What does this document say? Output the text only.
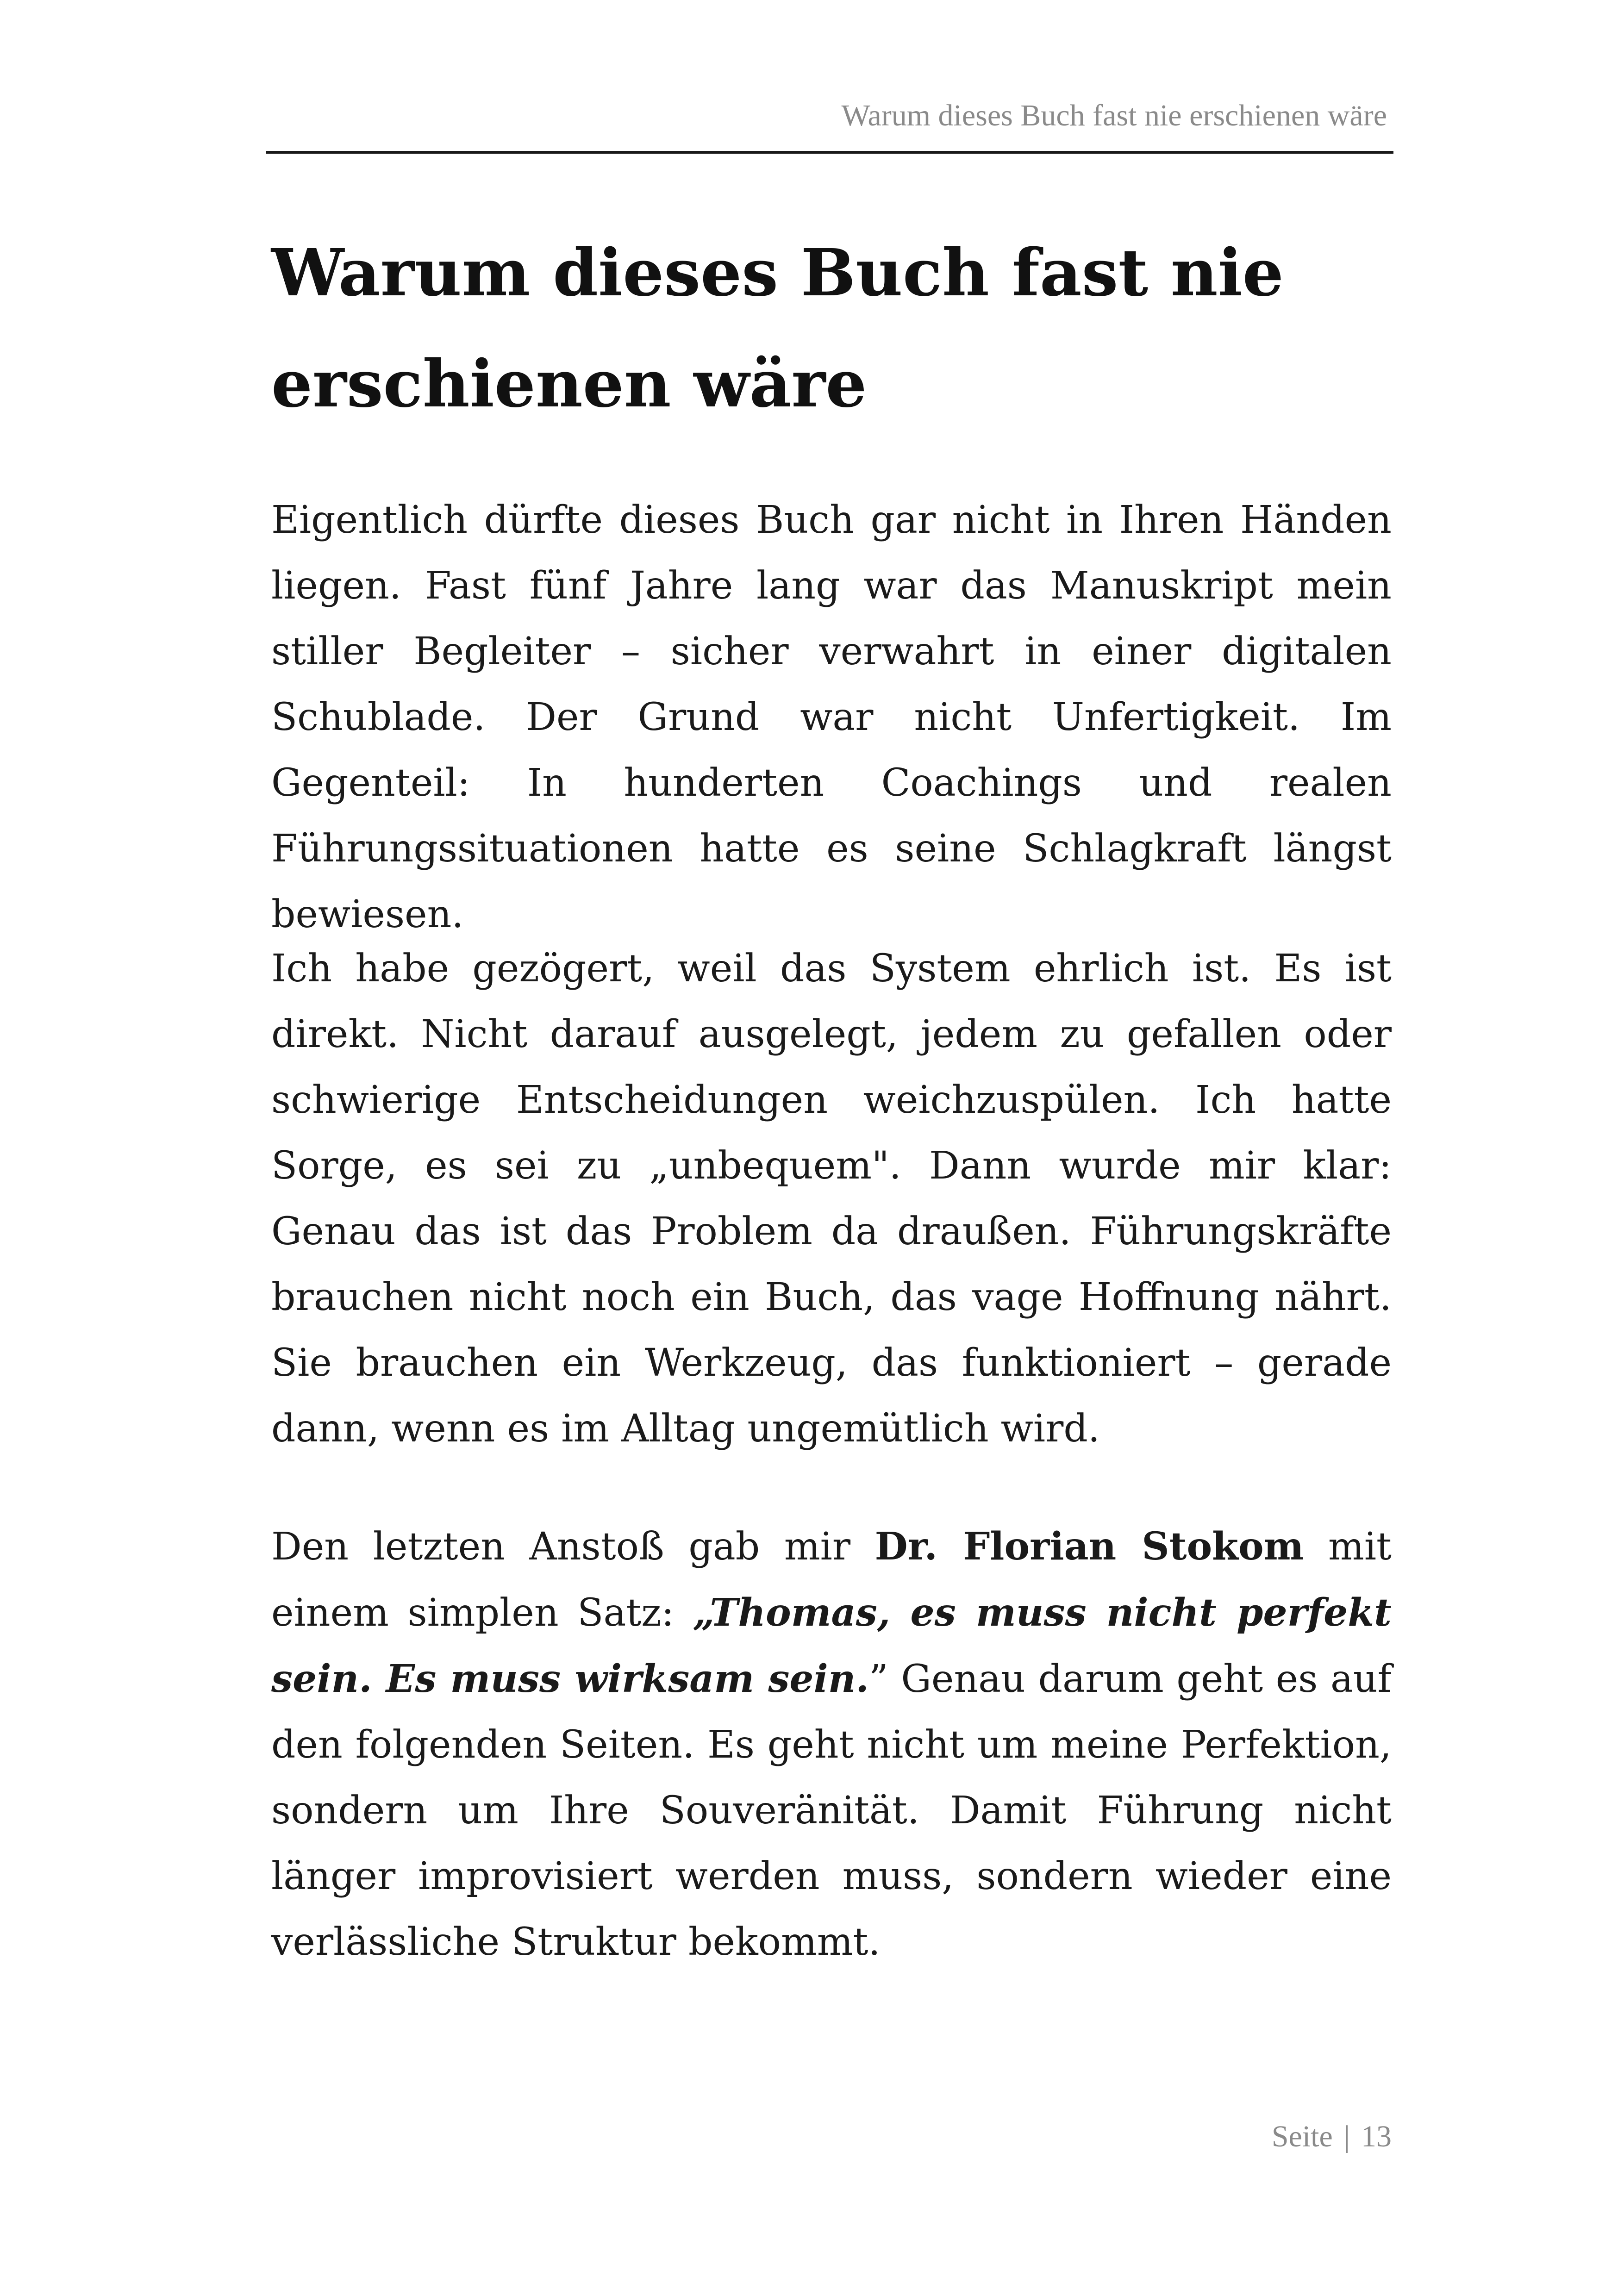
Warum dieses Buch fast nie erschienen wäre
Warum dieses Buch fast nie erschienen wäre

Eigentlich dürfte dieses Buch gar nicht in Ihren Händen liegen. Fast fünf Jahre lang war das Manuskript mein stiller Begleiter – sicher verwahrt in einer digitalen Schublade. Der Grund war nicht Unfertigkeit. Im Gegenteil: In hunderten Coachings und realen Führungssituationen hatte es seine Schlagkraft längst bewiesen.

Ich habe gezögert, weil das System ehrlich ist. Es ist direkt. Nicht darauf ausgelegt, jedem zu gefallen oder schwierige Entscheidungen weichzuspülen. Ich hatte Sorge, es sei zu „unbequem". Dann wurde mir klar: Genau das ist das Problem da draußen. Führungskräfte brauchen nicht noch ein Buch, das vage Hoffnung nährt. Sie brauchen ein Werkzeug, das funktioniert – gerade dann, wenn es im Alltag ungemütlich wird.

Den letzten Anstoß gab mir Dr. Florian Stokom mit einem simplen Satz: „Thomas, es muss nicht perfekt sein. Es muss wirksam sein.” Genau darum geht es auf den folgenden Seiten. Es geht nicht um meine Perfektion, sondern um Ihre Souveränität. Damit Führung nicht länger improvisiert werden muss, sondern wieder eine verlässliche Struktur bekommt.

Seite | 13
